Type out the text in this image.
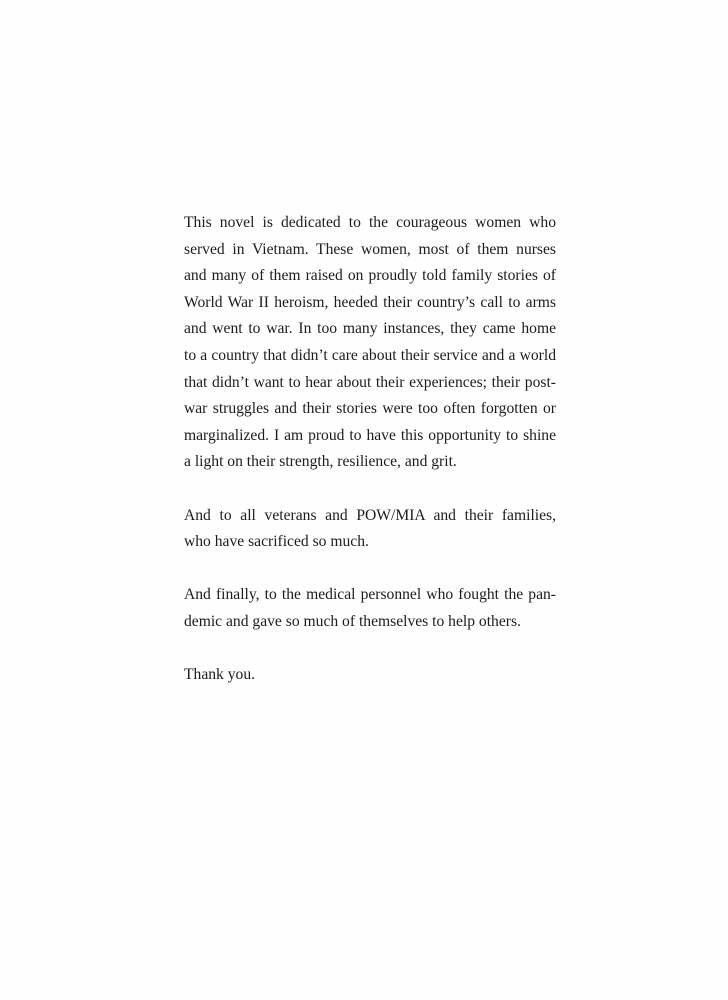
This novel is dedicated to the courageous women who
served in Vietnam. These women, most of them nurses
and many of them raised on proudly told family stories of
World War II heroism, heeded their country’s call to arms
and went to war. In too many instances, they came home
to a country that didn’t care about their service and a world
that didn’t want to hear about their experiences; their post-
war struggles and their stories were too often forgotten or
marginalized. I am proud to have this opportunity to shine
a light on their strength, resilience, and grit.

And to all veterans and POW/MIA and their families,
who have sacrificed so much.

And finally, to the medical personnel who fought the pan-
demic and gave so much of themselves to help others.

Thank you.
